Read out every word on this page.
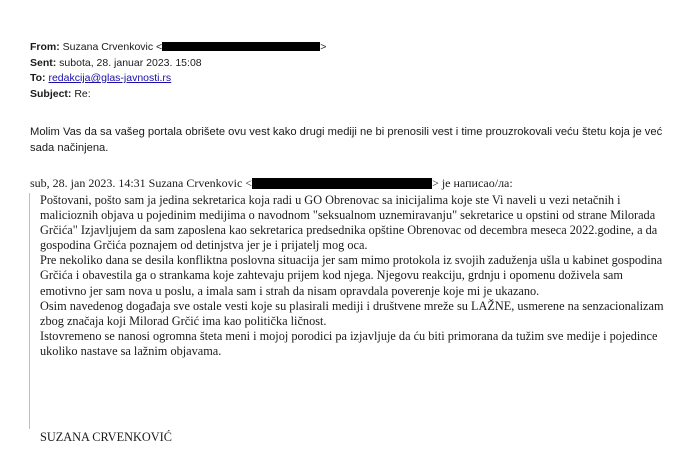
From: Suzana Crvenkovic <	>
Sent: subota, 28. januar 2023. 15:08
To: redakcija@glas-javnosti.rs
Subject: Re:
Molim Vas da sa vašeg portala obrišete ovu vest kako drugi mediji ne bi prenosili vest i time prouzrokovali veću štetu koja je već sada načinjena.
sub, 28. jan 2023. 14:31 Suzana Crvenkovic <	> је написао/ла:

Poštovani, pošto sam ja jedina sekretarica koja radi u GO Obrenovac sa inicijalima koje ste Vi naveli u vezi netačnih i malicioznih objava u pojedinim medijima o navodnom "seksualnom uznemiravanju" sekretarice u opstini od strane Milorada Grčića" Izjavljujem da sam zaposlena kao sekretarica predsednika opštine Obrenovac od decembra meseca 2022.godine, a da gospodina Grčića poznajem od detinjstva jer je i prijatelj mog oca.

Pre nekoliko dana se desila konfliktna poslovna situacija jer sam mimo protokola iz svojih zaduženja ušla u kabinet gospodina Grčića i obavestila ga o strankama koje zahtevaju prijem kod njega. Njegovu reakciju, grdnju i opomenu doživela sam emotivno jer sam nova u poslu, a imala sam i strah da nisam opravdala poverenje koje mi je ukazano.

Osim navedenog događaja sve ostale vesti koje su plasirali mediji i društvene mreže su LAŽNE, usmerene na senzacionalizam zbog značaja koji Milorad Grčić ima kao politička ličnost.

Istovremeno se nanosi ogromna šteta meni i mojoj porodici pa izjavljuje da ću biti primorana da tužim sve medije i pojedince ukoliko nastave sa lažnim objavama.

SUZANA CRVENKOVIĆ
